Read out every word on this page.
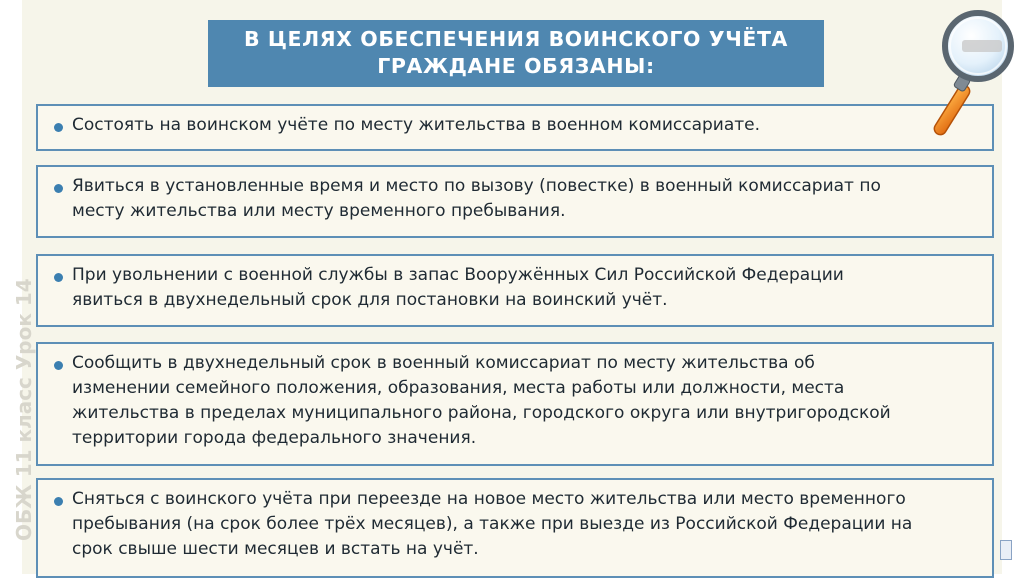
ОБЖ 11 класс Урок 14
В ЦЕЛЯХ ОБЕСПЕЧЕНИЯ ВОИНСКОГО УЧЁТА
ГРАЖДАНЕ ОБЯЗАНЫ:
Состоять на воинском учёте по месту жительства в военном комиссариате.
Явиться в установленные время и место по вызову (повестке) в военный комиссариат по
месту жительства или месту временного пребывания.
При увольнении с военной службы в запас Вооружённых Сил Российской Федерации
явиться в двухнедельный срок для постановки на воинский учёт.
Сообщить в двухнедельный срок в военный комиссариат по месту жительства об
изменении семейного положения, образования, места работы или должности, места
жительства в пределах муниципального района, городского округа или внутригородской
территории города федерального значения.
Сняться с воинского учёта при переезде на новое место жительства или место временного
пребывания (на срок более трёх месяцев), а также при выезде из Российской Федерации на
срок свыше шести месяцев и встать на учёт.
